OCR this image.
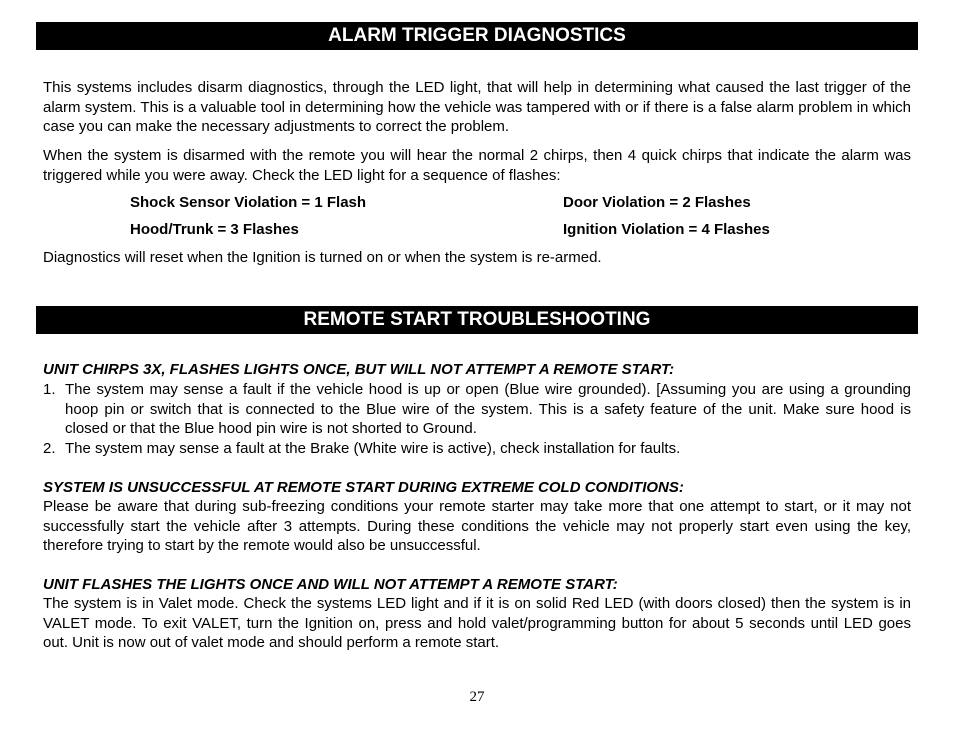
ALARM TRIGGER DIAGNOSTICS

This systems includes disarm diagnostics, through the LED light, that will help in determining what caused the last trigger of the alarm system. This is a valuable tool in determining how the vehicle was tampered with or if there is a false alarm problem in which case you can make the necessary adjustments to correct the problem.

When the system is disarmed with the remote you will hear the normal 2 chirps, then 4 quick chirps that indicate the alarm was triggered while you were away. Check the LED light for a sequence of flashes:

Shock Sensor Violation = 1 Flash	Door Violation = 2 Flashes
Hood/Trunk = 3 Flashes	Ignition Violation = 4 Flashes

Diagnostics will reset when the Ignition is turned on or when the system is re-armed.

REMOTE START TROUBLESHOOTING
UNIT CHIRPS 3X, FLASHES LIGHTS ONCE, BUT WILL NOT ATTEMPT A REMOTE START:
1. The system may sense a fault if the vehicle hood is up or open (Blue wire grounded). [Assuming you are using a grounding hoop pin or switch that is connected to the Blue wire of the system. This is a safety feature of the unit. Make sure hood is closed or that the Blue hood pin wire is not shorted to Ground.

2. The system may sense a fault at the Brake (White wire is active), check installation for faults.

SYSTEM IS UNSUCCESSFUL AT REMOTE START DURING EXTREME COLD CONDITIONS:

Please be aware that during sub-freezing conditions your remote starter may take more that one attempt to start, or it may not successfully start the vehicle after 3 attempts. During these conditions the vehicle may not properly start even using the key, therefore trying to start by the remote would also be unsuccessful.

UNIT FLASHES THE LIGHTS ONCE AND WILL NOT ATTEMPT A REMOTE START:

The system is in Valet mode. Check the systems LED light and if it is on solid Red LED (with doors closed) then the system is in VALET mode. To exit VALET, turn the Ignition on, press and hold valet/programming button for about 5 seconds until LED goes out. Unit is now out of valet mode and should perform a remote start.

27
